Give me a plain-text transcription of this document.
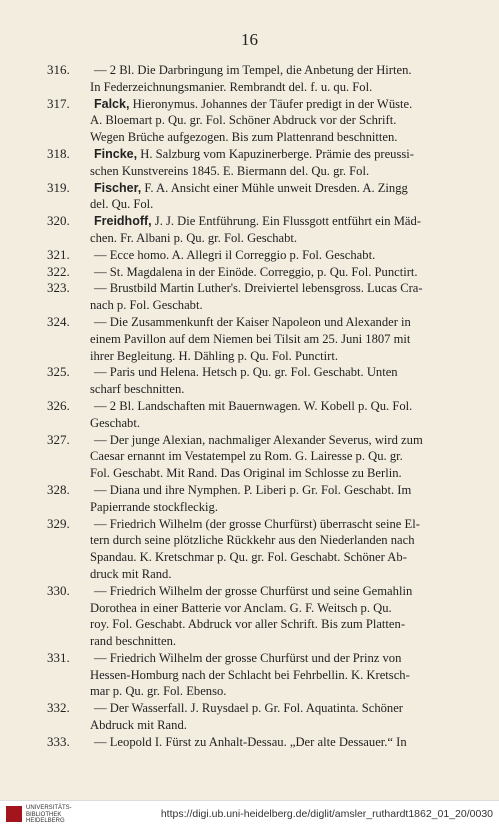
16
316.	— 2 Bl. Die Darbringung im Tempel, die Anbetung der Hirten.
In Federzeichnungsmanier. Rembrandt del. f. u. qu. Fol.
317.	Falck, Hieronymus. Johannes der Täufer predigt in der Wüste.
A. Bloemart p. Qu. gr. Fol. Schöner Abdruck vor der Schrift.
Wegen Brüche aufgezogen. Bis zum Plattenrand beschnitten.
318.	Fincke, H. Salzburg vom Kapuzinerberge. Prämie des preussi-
schen Kunstvereins 1845. E. Biermann del. Qu. gr. Fol.
319.	Fischer, F. A. Ansicht einer Mühle unweit Dresden. A. Zingg
del. Qu. Fol.
320.	Freidhoff, J. J. Die Entführung. Ein Flussgott entführt ein Mäd-
chen. Fr. Albani p. Qu. gr. Fol. Geschabt.
321.	— Ecce homo. A. Allegri il Correggio p. Fol. Geschabt.
322.	— St. Magdalena in der Einöde. Correggio, p. Qu. Fol. Punctirt.
323.	— Brustbild Martin Luther's. Dreiviertel lebensgross. Lucas Cra-
nach p. Fol. Geschabt.
324.	— Die Zusammenkunft der Kaiser Napoleon und Alexander in
einem Pavillon auf dem Niemen bei Tilsit am 25. Juni 1807 mit
ihrer Begleitung. H. Dähling p. Qu. Fol. Punctirt.
325.	— Paris und Helena. Hetsch p. Qu. gr. Fol. Geschabt. Unten
scharf beschnitten.
326.	— 2 Bl. Landschaften mit Bauernwagen. W. Kobell p. Qu. Fol.
Geschabt.
327.	— Der junge Alexian, nachmaliger Alexander Severus, wird zum
Caesar ernannt im Vestatempel zu Rom. G. Lairesse p. Qu. gr.
Fol. Geschabt. Mit Rand. Das Original im Schlosse zu Berlin.
328.	— Diana und ihre Nymphen. P. Liberi p. Gr. Fol. Geschabt. Im
Papierrande stockfleckig.
329.	— Friedrich Wilhelm (der grosse Churfürst) überrascht seine El-
tern durch seine plötzliche Rückkehr aus den Niederlanden nach
Spandau. K. Kretschmar p. Qu. gr. Fol. Geschabt. Schöner Ab-
druck mit Rand.
330.	— Friedrich Wilhelm der grosse Churfürst und seine Gemahlin
Dorothea in einer Batterie vor Anclam. G. F. Weitsch p. Qu.
roy. Fol. Geschabt. Abdruck vor aller Schrift. Bis zum Platten-
rand beschnitten.
331.	— Friedrich Wilhelm der grosse Churfürst und der Prinz von
Hessen-Homburg nach der Schlacht bei Fehrbellin. K. Kretsch-
mar p. Qu. gr. Fol. Ebenso.
332.	— Der Wasserfall. J. Ruysdael p. Gr. Fol. Aquatinta. Schöner
Abdruck mit Rand.
333.	— Leopold I. Fürst zu Anhalt-Dessau. „Der alte Dessauer.“ In
UNIVERSITÄTS-
BIBLIOTHEK
HEIDELBERG
https://digi.ub.uni-heidelberg.de/diglit/amsler_ruthardt1862_01_20/0030
